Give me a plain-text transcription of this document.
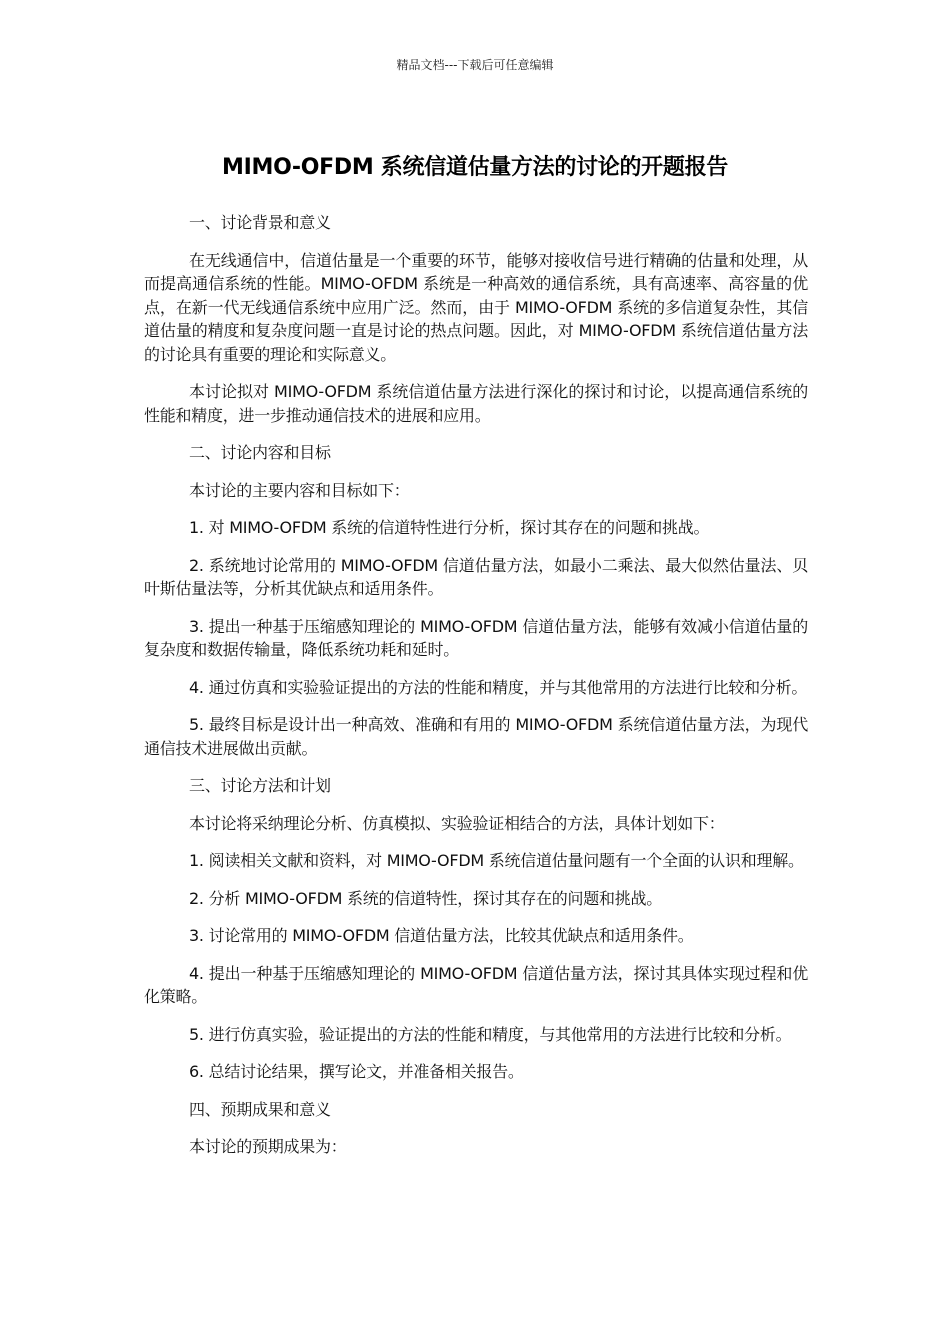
精品文档---下载后可任意编辑
MIMO-OFDM 系统信道估量方法的讨论的开题报告

一、讨论背景和意义

在无线通信中，信道估量是一个重要的环节，能够对接收信号进行精确的估量和处理，从而提高通信系统的性能。MIMO-OFDM 系统是一种高效的通信系统，具有高速率、高容量的优点，在新一代无线通信系统中应用广泛。然而，由于 MIMO-OFDM 系统的多信道复杂性，其信道估量的精度和复杂度问题一直是讨论的热点问题。因此，对 MIMO-OFDM 系统信道估量方法的讨论具有重要的理论和实际意义。

本讨论拟对 MIMO-OFDM 系统信道估量方法进行深化的探讨和讨论，以提高通信系统的性能和精度，进一步推动通信技术的进展和应用。

二、讨论内容和目标

本讨论的主要内容和目标如下：

1. 对 MIMO-OFDM 系统的信道特性进行分析，探讨其存在的问题和挑战。

2. 系统地讨论常用的 MIMO-OFDM 信道估量方法，如最小二乘法、最大似然估量法、贝叶斯估量法等，分析其优缺点和适用条件。

3. 提出一种基于压缩感知理论的 MIMO-OFDM 信道估量方法，能够有效减小信道估量的复杂度和数据传输量，降低系统功耗和延时。

4. 通过仿真和实验验证提出的方法的性能和精度，并与其他常用的方法进行比较和分析。

5. 最终目标是设计出一种高效、准确和有用的 MIMO-OFDM 系统信道估量方法，为现代通信技术进展做出贡献。

三、讨论方法和计划

本讨论将采纳理论分析、仿真模拟、实验验证相结合的方法，具体计划如下：

1. 阅读相关文献和资料，对 MIMO-OFDM 系统信道估量问题有一个全面的认识和理解。

2. 分析 MIMO-OFDM 系统的信道特性，探讨其存在的问题和挑战。

3. 讨论常用的 MIMO-OFDM 信道估量方法，比较其优缺点和适用条件。

4. 提出一种基于压缩感知理论的 MIMO-OFDM 信道估量方法，探讨其具体实现过程和优化策略。

5. 进行仿真实验，验证提出的方法的性能和精度，与其他常用的方法进行比较和分析。

6. 总结讨论结果，撰写论文，并准备相关报告。

四、预期成果和意义

本讨论的预期成果为：
